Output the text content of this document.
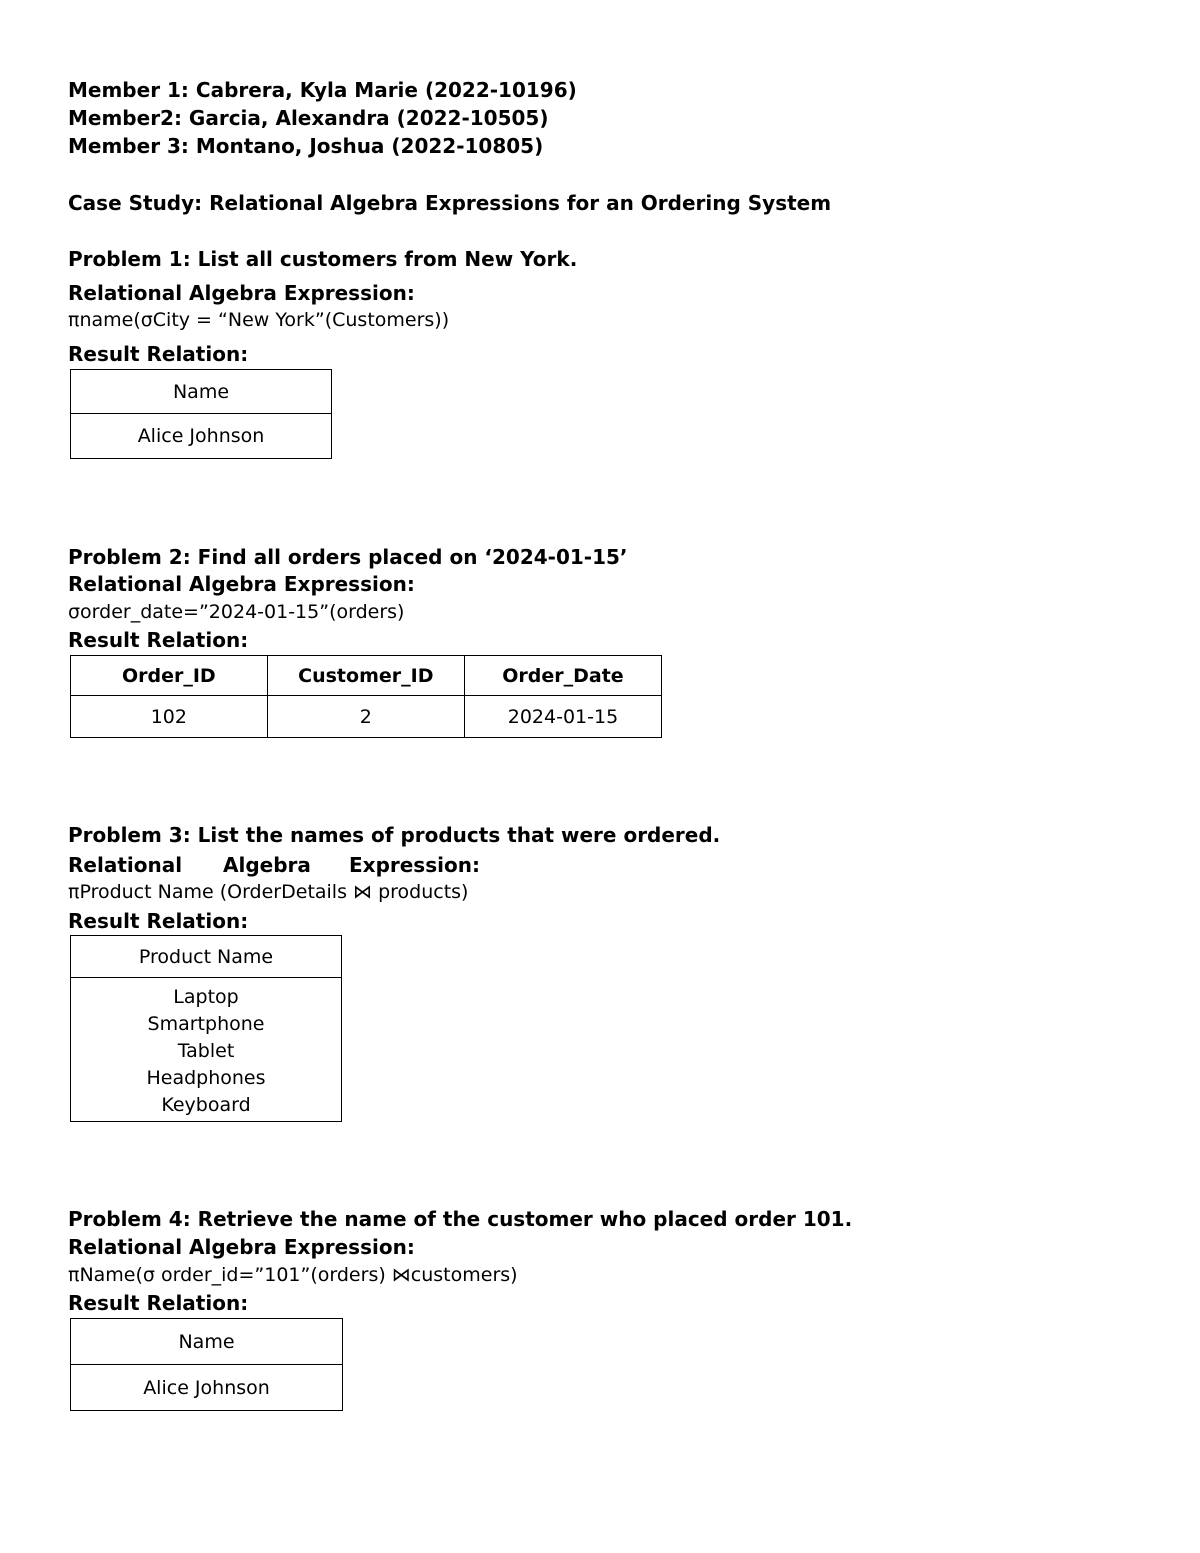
Member 1: Cabrera, Kyla Marie (2022-10196)
Member2: Garcia, Alexandra (2022-10505)
Member 3: Montano, Joshua (2022-10805)
Case Study: Relational Algebra Expressions for an Ordering System
Problem 1: List all customers from New York.
Relational Algebra Expression:
πname(σCity = “New York”(Customers))
Result Relation:
Name
Alice Johnson
Problem 2: Find all orders placed on ‘2024-01-15’
Relational Algebra Expression:
σorder_date=”2024-01-15”(orders)
Result Relation:
Order_ID	Customer_ID	Order_Date
102	2	2024-01-15
Problem 3: List the names of products that were ordered.
Relational Algebra Expression:
πProduct Name (OrderDetails ⋈ products)
Result Relation:
Product Name

Laptop
Smartphone
Tablet
Headphones
Keyboard
Problem 4: Retrieve the name of the customer who placed order 101.
Relational Algebra Expression:
πName(σ order_id=”101”(orders) ⋈customers)
Result Relation:
Name
Alice Johnson
